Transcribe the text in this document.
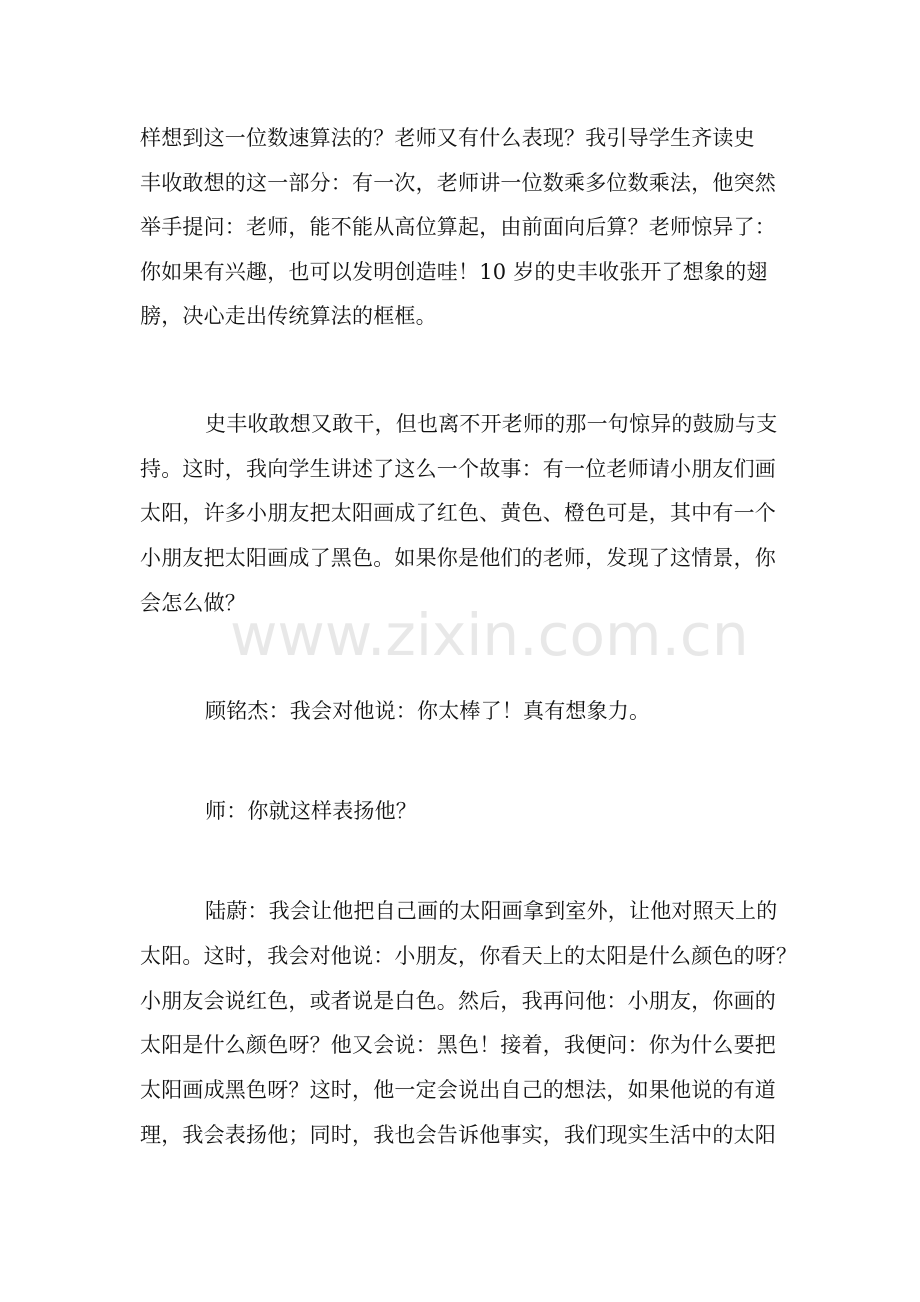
样想到这一位数速算法的？老师又有什么表现？我引导学生齐读史
丰收敢想的这一部分：有一次，老师讲一位数乘多位数乘法，他突然
举手提问：老师，能不能从高位算起，由前面向后算？老师惊异了：
你如果有兴趣，也可以发明创造哇！10 岁的史丰收张开了想象的翅
膀，决心走出传统算法的框框。
史丰收敢想又敢干，但也离不开老师的那一句惊异的鼓励与支
持。这时，我向学生讲述了这么一个故事：有一位老师请小朋友们画
太阳，许多小朋友把太阳画成了红色、黄色、橙色可是，其中有一个
小朋友把太阳画成了黑色。如果你是他们的老师，发现了这情景，你
会怎么做？
顾铭杰：我会对他说：你太棒了！真有想象力。
师：你就这样表扬他？
陆蔚：我会让他把自己画的太阳画拿到室外，让他对照天上的
太阳。这时，我会对他说：小朋友，你看天上的太阳是什么颜色的呀？
小朋友会说红色，或者说是白色。然后，我再问他：小朋友，你画的
太阳是什么颜色呀？他又会说：黑色！接着，我便问：你为什么要把
太阳画成黑色呀？这时，他一定会说出自己的想法，如果他说的有道
理，我会表扬他；同时，我也会告诉他事实，我们现实生活中的太阳
www.zixin.com.cn
